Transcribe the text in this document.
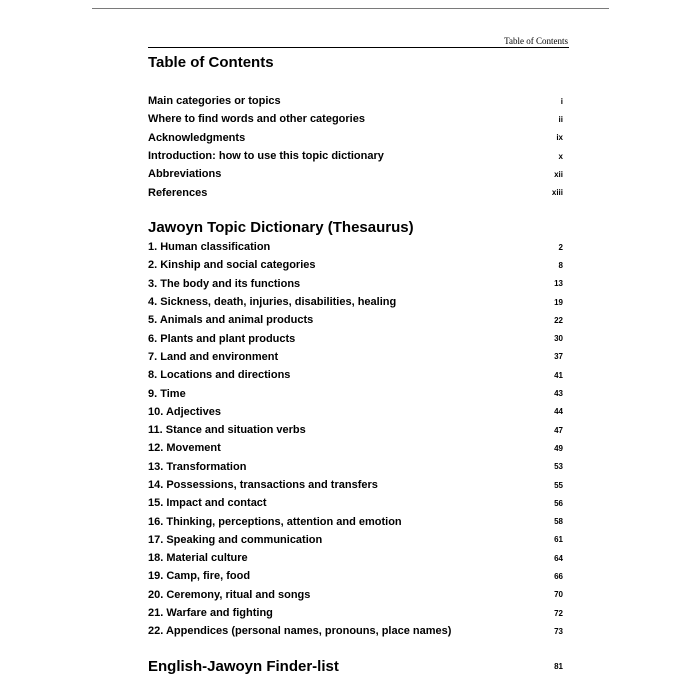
Table of Contents
Table of Contents
Main categories or topics	i
Where to find words and other categories	ii
Acknowledgments	ix
Introduction: how to use this topic dictionary	x
Abbreviations	xii
References	xiii
Jawoyn Topic Dictionary (Thesaurus)
1. Human classification	2
2. Kinship and social categories	8
3. The body and its functions	13
4. Sickness, death, injuries, disabilities, healing	19
5. Animals and animal products	22
6. Plants and plant products	30
7. Land and environment	37
8. Locations and directions	41
9. Time	43
10. Adjectives	44
11. Stance and situation verbs	47
12. Movement	49
13. Transformation	53
14. Possessions, transactions and transfers	55
15. Impact and contact	56
16. Thinking, perceptions, attention and emotion	58
17. Speaking and communication	61
18. Material culture	64
19. Camp, fire, food	66
20. Ceremony, ritual and songs	70
21. Warfare and fighting	72
22. Appendices (personal names, pronouns, place names)	73
English-Jawoyn Finder-list	81
